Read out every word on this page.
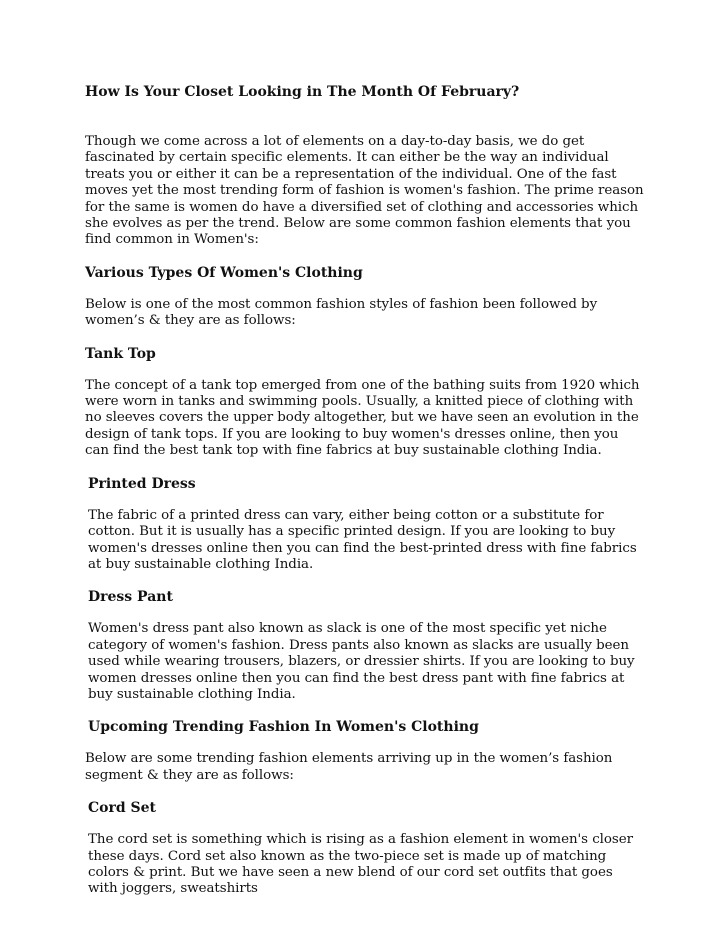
How Is Your Closet Looking in The Month Of February?
Though we come across a lot of elements on a day-to-day basis, we do get fascinated by certain specific elements. It can either be the way an individual treats you or either it can be a representation of the individual. One of the fast moves yet the most trending form of fashion is women's fashion. The prime reason for the same is women do have a diversified set of clothing and accessories which she evolves as per the trend. Below are some common fashion elements that you find common in Women's:
Various Types Of Women's Clothing
Below is one of the most common fashion styles of fashion been followed by women’s & they are as follows:
Tank Top
The concept of a tank top emerged from one of the bathing suits from 1920 which were worn in tanks and swimming pools. Usually, a knitted piece of clothing with no sleeves covers the upper body altogether, but we have seen an evolution in the design of tank tops. If you are looking to buy women's dresses online, then you can find the best tank top with fine fabrics at buy sustainable clothing India.
Printed Dress
The fabric of a printed dress can vary, either being cotton or a substitute for cotton. But it is usually has a specific printed design. If you are looking to buy women's dresses online then you can find the best-printed dress with fine fabrics at buy sustainable clothing India.
Dress Pant
Women's dress pant also known as slack is one of the most specific yet niche category of women's fashion. Dress pants also known as slacks are usually been used while wearing trousers, blazers, or dressier shirts. If you are looking to buy women dresses online then you can find the best dress pant with fine fabrics at buy sustainable clothing India.
Upcoming Trending Fashion In Women's Clothing
Below are some trending fashion elements arriving up in the women’s fashion segment & they are as follows:
Cord Set
The cord set is something which is rising as a fashion element in women's closer these days. Cord set also known as the two-piece set is made up of matching colors & print. But we have seen a new blend of our cord set outfits that goes with joggers, sweatshirts
